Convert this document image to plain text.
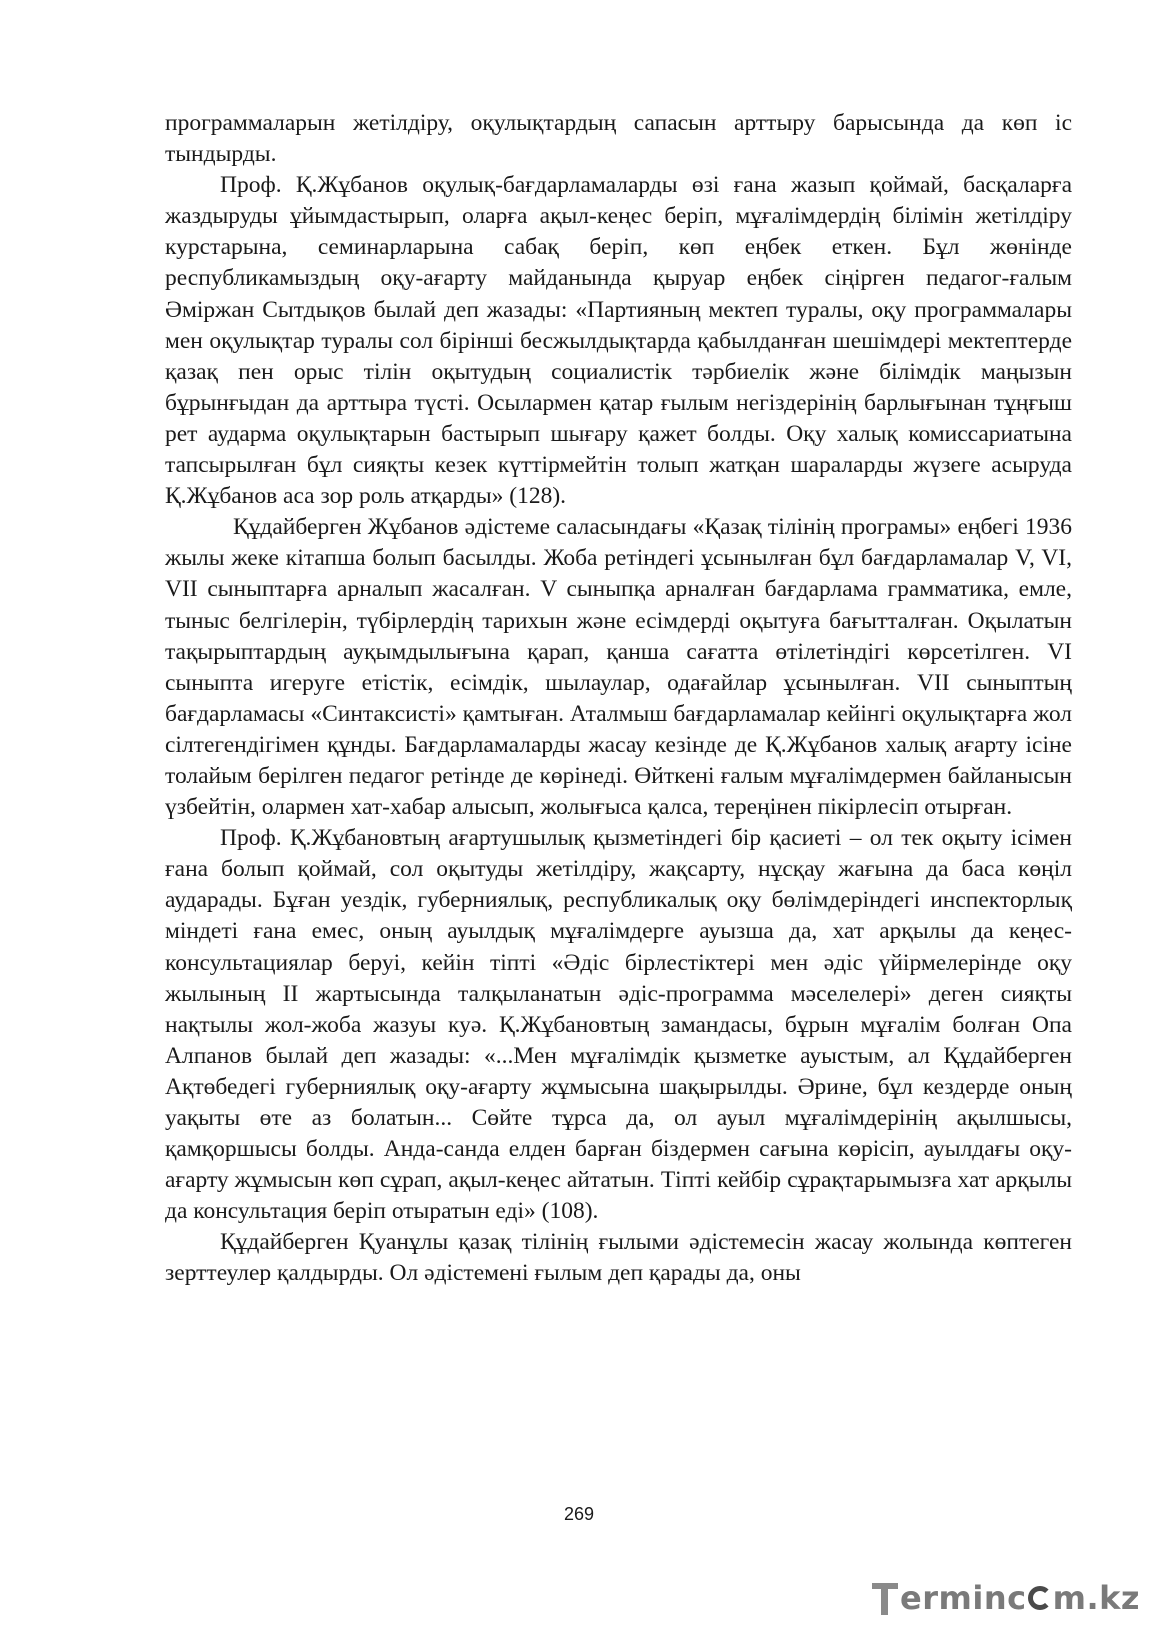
программаларын жетілдіру, оқулықтардың сапасын арттыру барысында да көп іс тындырды.

Проф. Қ.Жұбанов оқулық-бағдарламаларды өзі ғана жазып қоймай, басқаларға жаздыруды ұйымдастырып, оларға ақыл-кеңес беріп, мұғалімдердің білімін жетілдіру курстарына, семинарларына сабақ беріп, көп еңбек еткен. Бұл жөнінде республикамыздың оқу-ағарту майданында қыруар еңбек сіңірген педагог-ғалым Әміржан Сытдықов былай деп жазады: «Партияның мектеп туралы, оқу программалары мен оқулықтар туралы сол бірінші бесжылдықтарда қабылданған шешімдері мектептерде қазақ пен орыс тілін оқытудың социалистік тәрбиелік және білімдік маңызын бұрынғыдан да арттыра түсті. Осылармен қатар ғылым негіздерінің барлығынан тұңғыш рет аударма оқулықтарын бастырып шығару қажет болды. Оқу халық комиссариатына тапсырылған бұл сияқты кезек күттірмейтін толып жатқан шараларды жүзеге асыруда Қ.Жұбанов аса зор роль атқарды» (128).

Құдайберген Жұбанов әдістеме саласындағы «Қазақ тілінің програмы» еңбегі 1936 жылы жеке кітапша болып басылды. Жоба ретіндегі ұсынылған бұл бағдарламалар V, VI, VII сыныптарға арналып жасалған. V сыныпқа арналған бағдарлама грамматика, емле, тыныс белгілерін, түбірлердің тарихын және есімдерді оқытуға бағытталған. Оқылатын тақырыптардың ауқымдылығына қарап, қанша сағатта өтілетіндігі көрсетілген. VI сыныпта игеруге етістік, есімдік, шылаулар, одағайлар ұсынылған. VII сыныптың бағдарламасы «Синтаксисті» қамтыған. Аталмыш бағдарламалар кейінгі оқулықтарға жол сілтегендігімен құнды. Бағдарламаларды жасау кезінде де Қ.Жұбанов халық ағарту ісіне толайым берілген педагог ретінде де көрінеді. Өйткені ғалым мұғалімдермен байланысын үзбейтін, олармен хат-хабар алысып, жолығыса қалса, тереңінен пікірлесіп отырған.

Проф. Қ.Жұбановтың ағартушылық қызметіндегі бір қасиеті – ол тек оқыту ісімен ғана болып қоймай, сол оқытуды жетілдіру, жақсарту, нұсқау жағына да баса көңіл аударады. Бұған уездік, губерниялық, республикалық оқу бөлімдеріндегі инспекторлық міндеті ғана емес, оның ауылдық мұғалімдерге ауызша да, хат арқылы да кеңес-консультациялар беруі, кейін тіпті «Әдіс бірлестіктері мен әдіс үйірмелерінде оқу жылының II жартысында талқыланатын әдіс-программа мәселелері» деген сияқты нақтылы жол-жоба жазуы куә. Қ.Жұбановтың замандасы, бұрын мұғалім болған Опа Алпанов былай деп жазады: «...Мен мұғалімдік қызметке ауыстым, ал Құдайберген Ақтөбедегі губерниялық оқу-ағарту жұмысына шақырылды. Әрине, бұл кездерде оның уақыты өте аз болатын... Сөйте тұрса да, ол ауыл мұғалімдерінің ақылшысы, қамқоршысы болды. Анда-санда елден барған біздермен сағына көрісіп, ауылдағы оқу-ағарту жұмысын көп сұрап, ақыл-кеңес айтатын. Тіпті кейбір сұрақтарымызға хат арқылы да консультация беріп отыратын еді» (108).

Құдайберген Қуанұлы қазақ тілінің ғылыми әдістемесін жасау жолында көптеген зерттеулер қалдырды. Ол әдістемені ғылым деп қарады да, оны

269
ermin c m.kz
